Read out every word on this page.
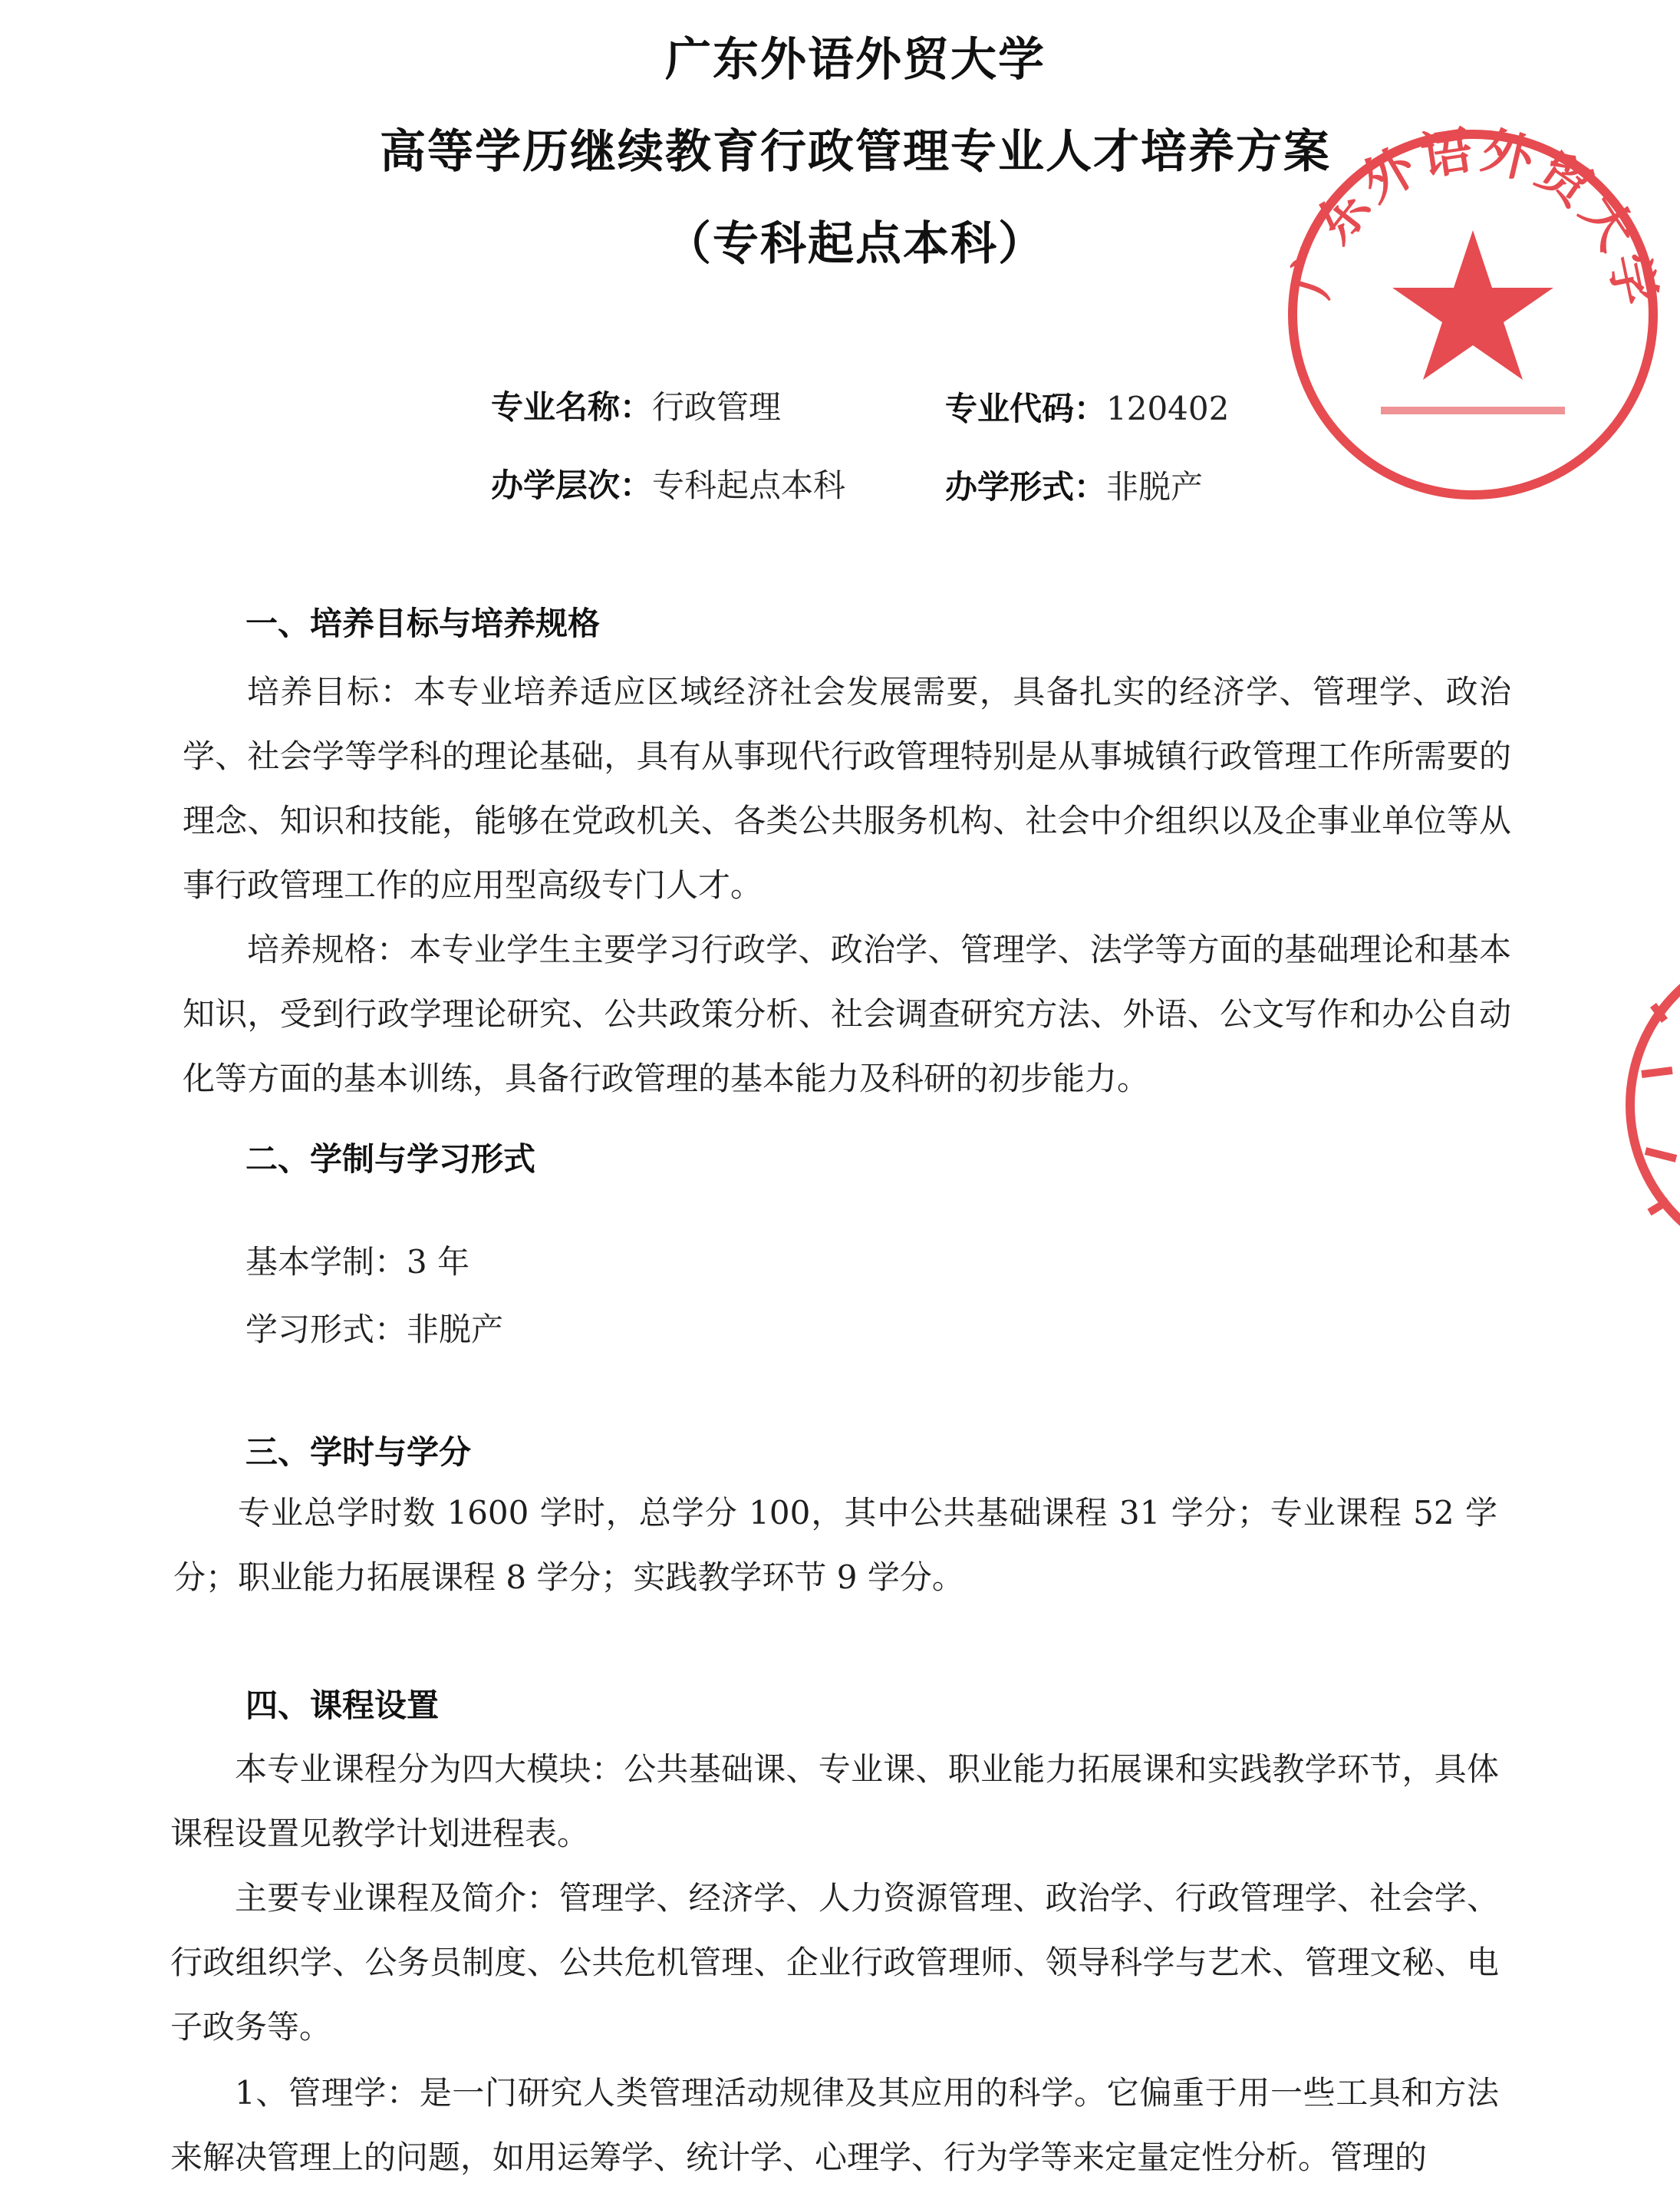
广东外语外贸大学
高等学历继续教育行政管理专业人才培养方案
（专科起点本科）
专业名称：行政管理	专业代码：120402
办学层次：专科起点本科	办学形式：非脱产
一、培养目标与培养规格
培养目标：本专业培养适应区域经济社会发展需要，具备扎实的经济学、管理学、政治学、社会学等学科的理论基础，具有从事现代行政管理特别是从事城镇行政管理工作所需要的理念、知识和技能，能够在党政机关、各类公共服务机构、社会中介组织以及企事业单位等从事行政管理工作的应用型高级专门人才。
培养规格：本专业学生主要学习行政学、政治学、管理学、法学等方面的基础理论和基本知识，受到行政学理论研究、公共政策分析、社会调查研究方法、外语、公文写作和办公自动化等方面的基本训练，具备行政管理的基本能力及科研的初步能力。
二、学制与学习形式
基本学制：3 年
学习形式：非脱产
三、学时与学分
专业总学时数 1600 学时，总学分 100，其中公共基础课程 31 学分；专业课程 52 学分；职业能力拓展课程 8 学分；实践教学环节 9 学分。
四、课程设置
本专业课程分为四大模块：公共基础课、专业课、职业能力拓展课和实践教学环节，具体课程设置见教学计划进程表。
主要专业课程及简介：管理学、经济学、人力资源管理、政治学、行政管理学、社会学、行政组织学、公务员制度、公共危机管理、企业行政管理师、领导科学与艺术、管理文秘、电子政务等。
1、管理学：是一门研究人类管理活动规律及其应用的科学。它偏重于用一些工具和方法来解决管理上的问题，如用运筹学、统计学、心理学、行为学等来定量定性分析。管理的
广东外语外贸大学
